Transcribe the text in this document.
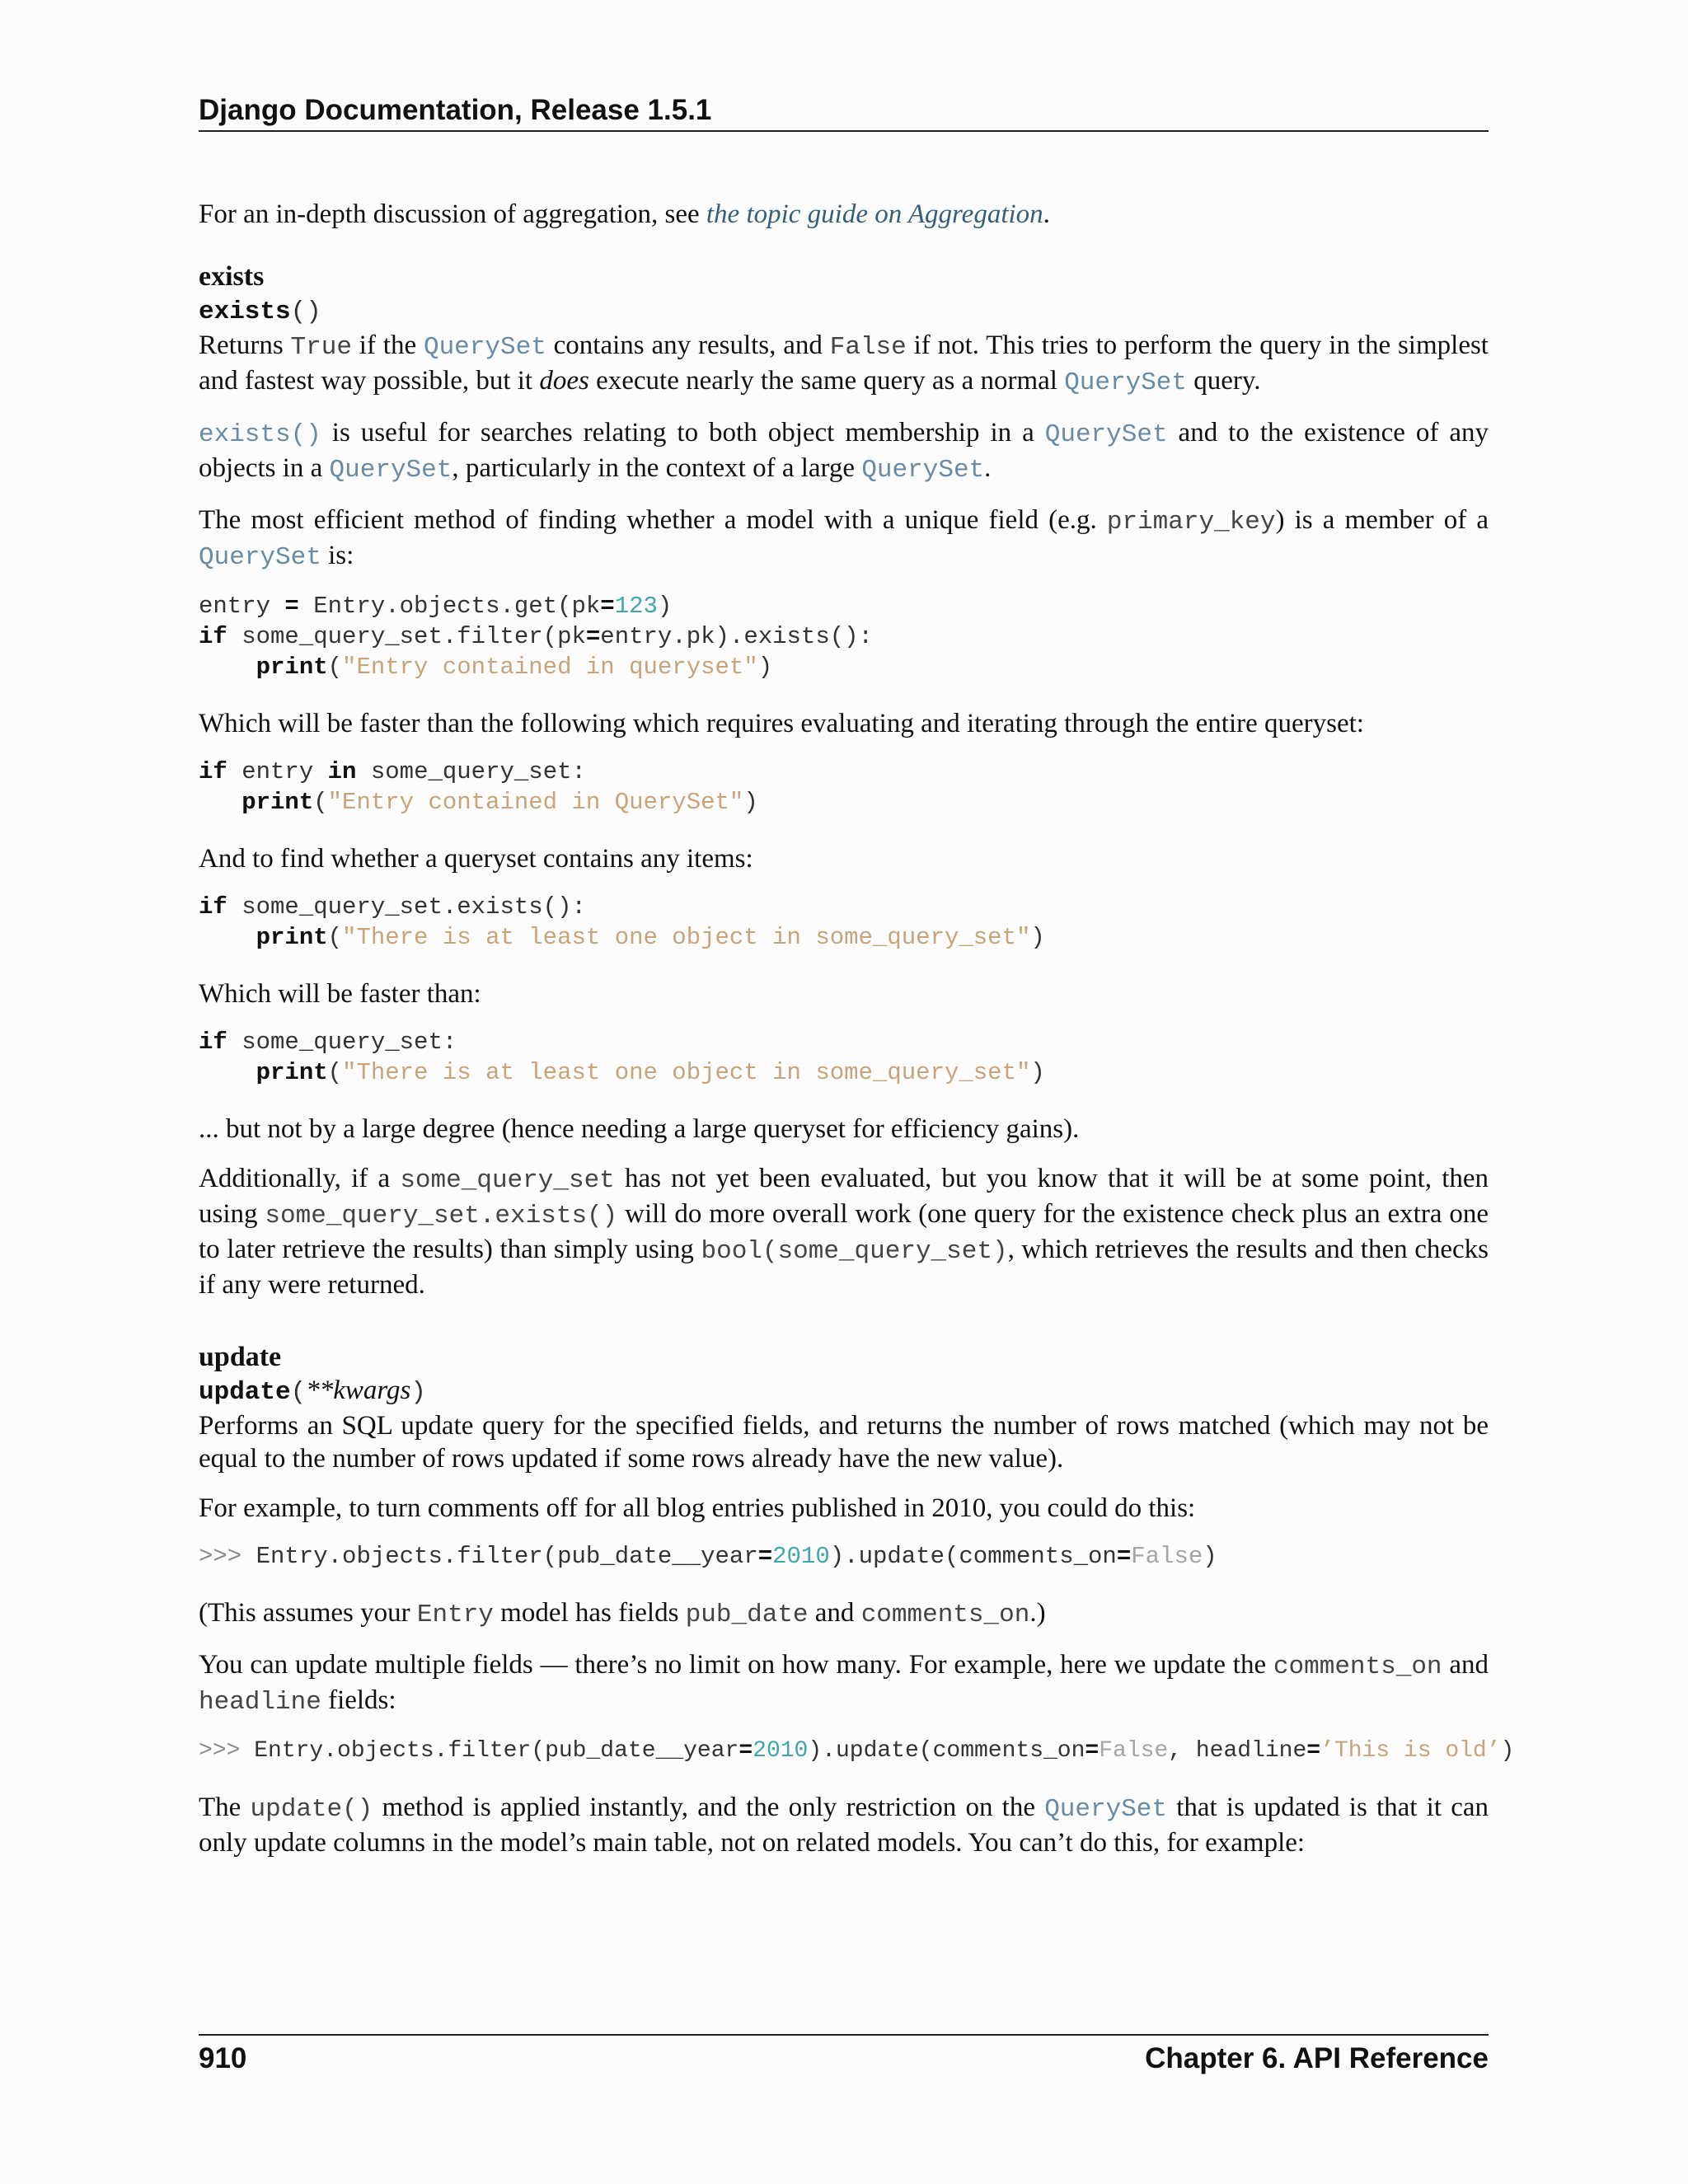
Django Documentation, Release 1.5.1

For an in-depth discussion of aggregation, see the topic guide on Aggregation.

exists
exists()

Returns True if the QuerySet contains any results, and False if not. This tries to perform the query in the simplest and fastest way possible, but it does execute nearly the same query as a normal QuerySet query.

exists() is useful for searches relating to both object membership in a QuerySet and to the existence of any objects in a QuerySet, particularly in the context of a large QuerySet.

The most efficient method of finding whether a model with a unique field (e.g. primary_key) is a member of a QuerySet is:

entry = Entry.objects.get(pk=123)
if some_query_set.filter(pk=entry.pk).exists():
print("Entry contained in queryset")

Which will be faster than the following which requires evaluating and iterating through the entire queryset:

if entry in some_query_set:
print("Entry contained in QuerySet")

And to find whether a queryset contains any items:

if some_query_set.exists():
print("There is at least one object in some_query_set")

Which will be faster than:

if some_query_set:
print("There is at least one object in some_query_set")

... but not by a large degree (hence needing a large queryset for efficiency gains).

Additionally, if a some_query_set has not yet been evaluated, but you know that it will be at some point, then using some_query_set.exists() will do more overall work (one query for the existence check plus an extra one to later retrieve the results) than simply using bool(some_query_set), which retrieves the results and then checks if any were returned.

update
update(**kwargs)

Performs an SQL update query for the specified fields, and returns the number of rows matched (which may not be equal to the number of rows updated if some rows already have the new value).

For example, to turn comments off for all blog entries published in 2010, you could do this:

>>> Entry.objects.filter(pub_date__year=2010).update(comments_on=False)

(This assumes your Entry model has fields pub_date and comments_on.)

You can update multiple fields — there’s no limit on how many. For example, here we update the comments_on and headline fields:

>>> Entry.objects.filter(pub_date__year=2010).update(comments_on=False, headline=’This is old’)

The update() method is applied instantly, and the only restriction on the QuerySet that is updated is that it can only update columns in the model’s main table, not on related models. You can’t do this, for example:

910	Chapter 6. API Reference
